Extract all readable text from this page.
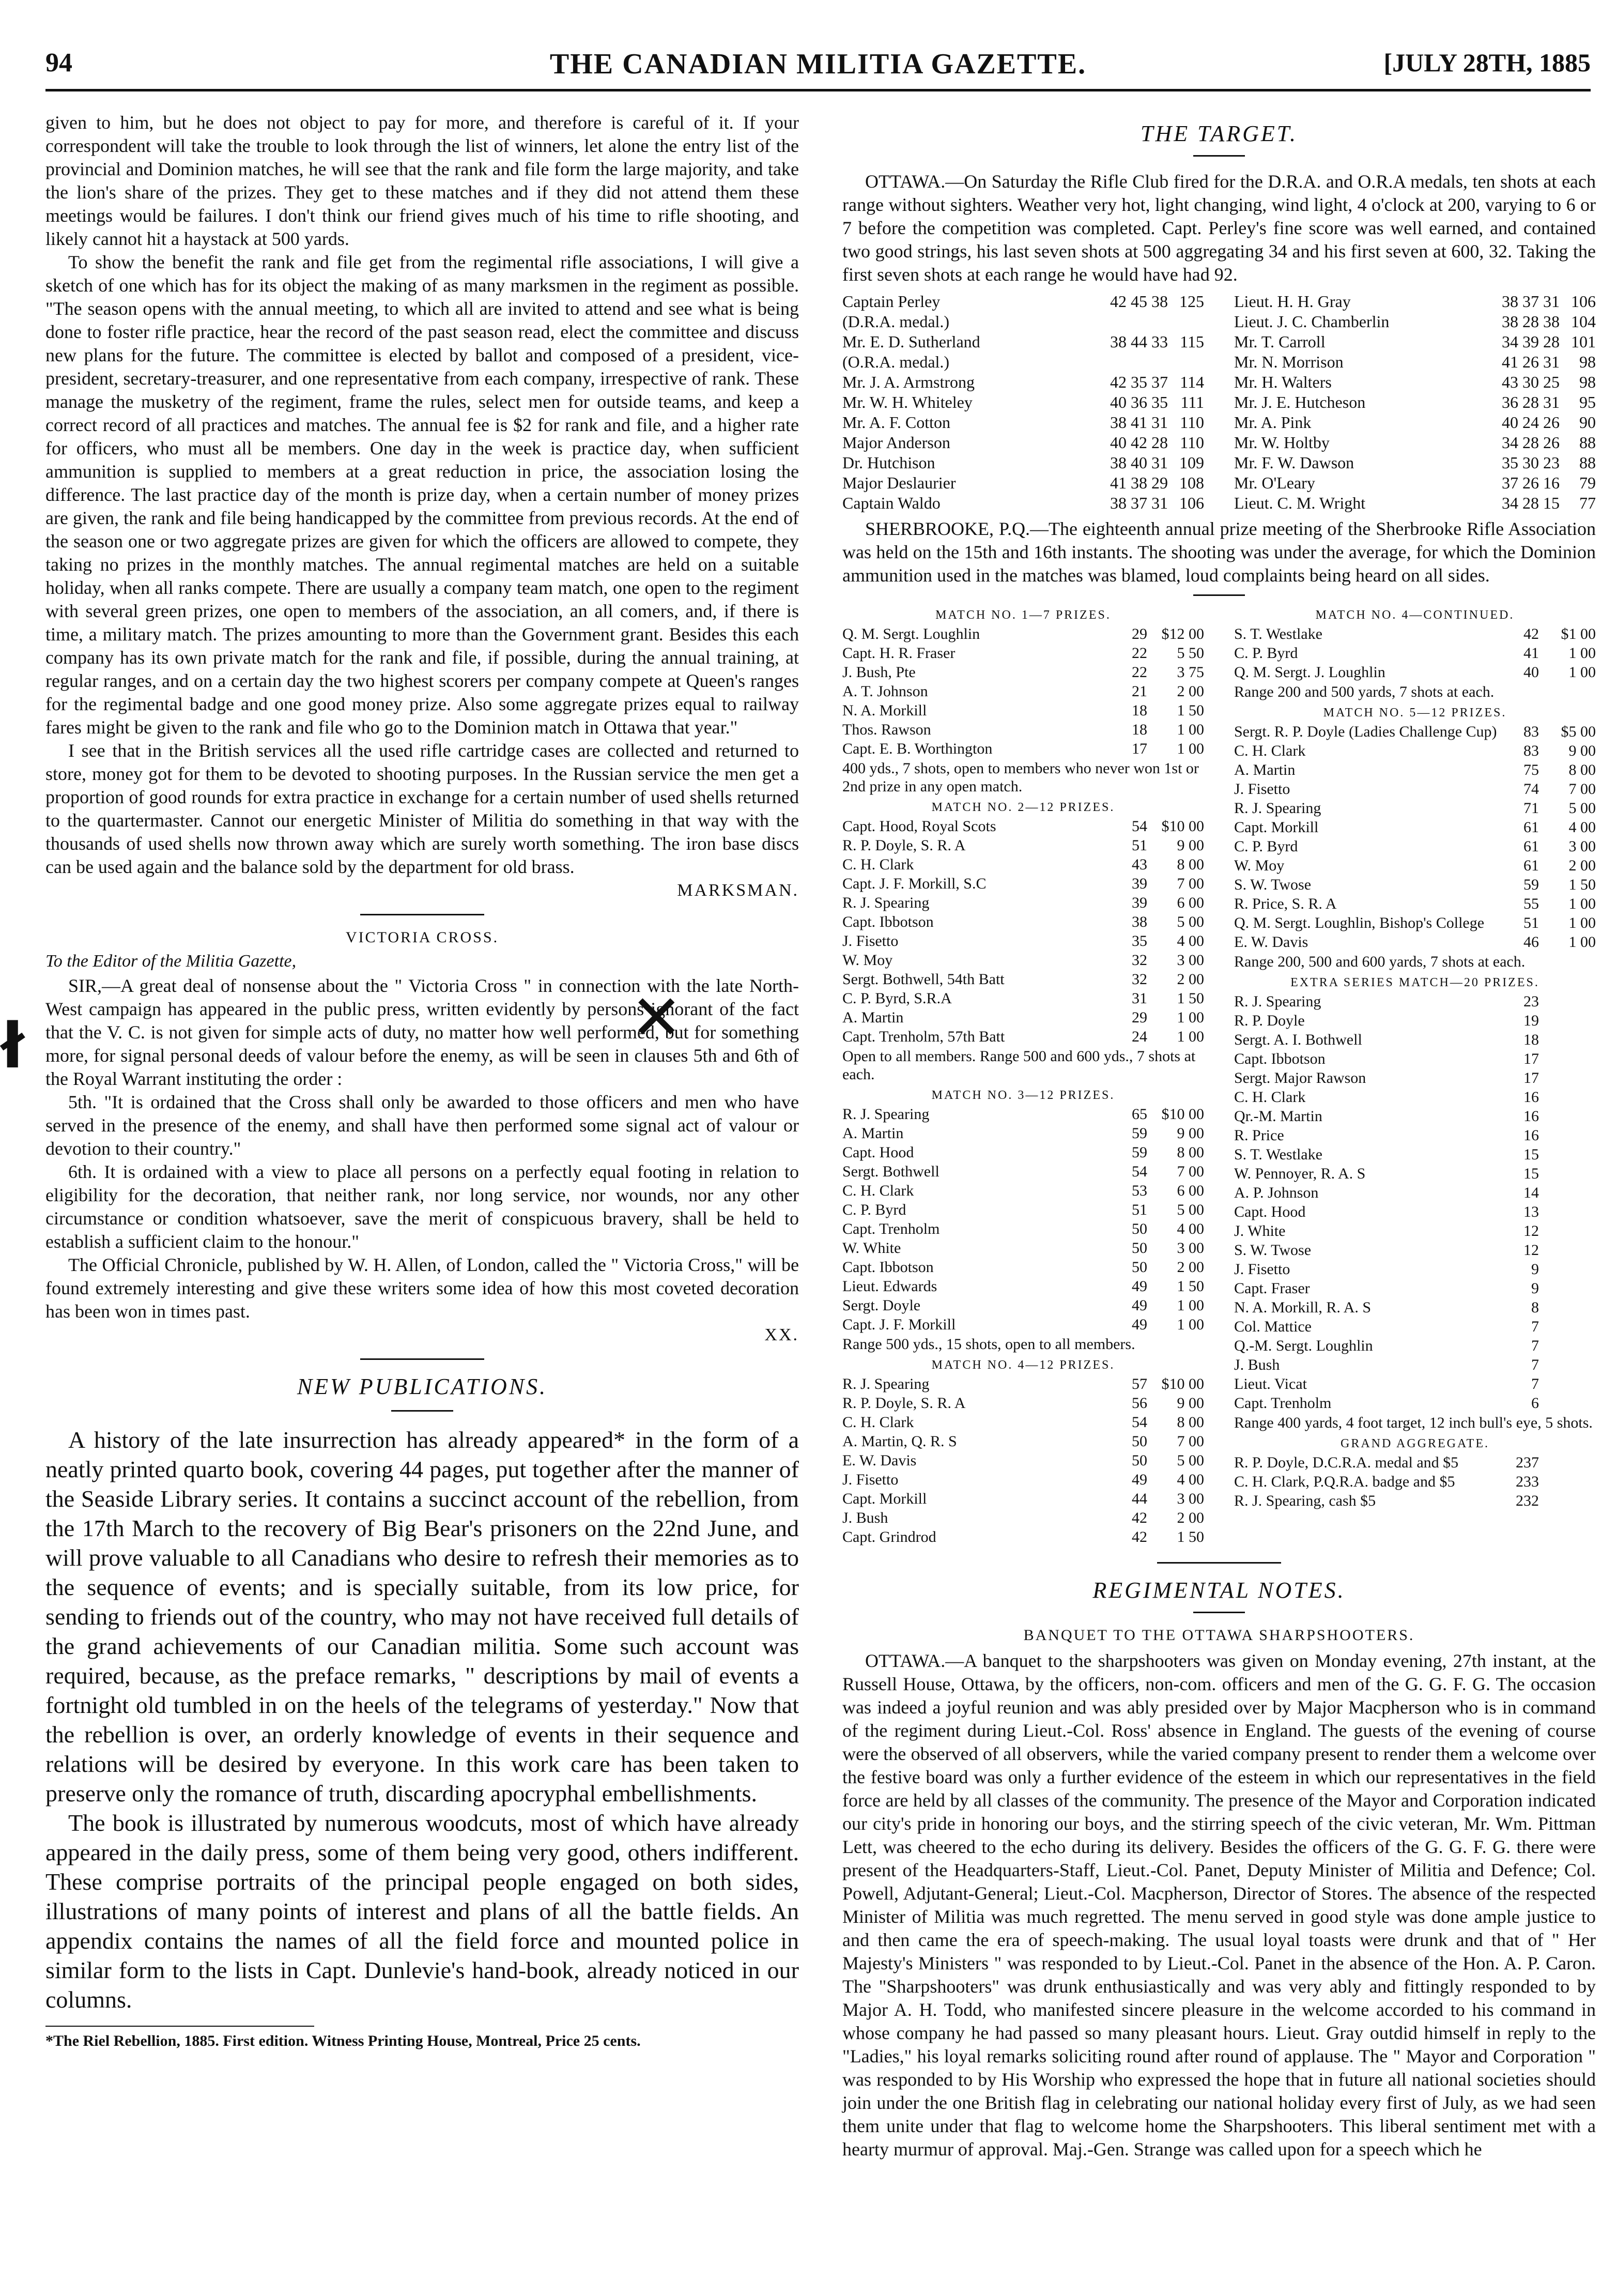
94	THE CANADIAN MILITIA GAZETTE.	[JULY 28TH, 1885
ł	✕

given to him, but he does not object to pay for more, and therefore is careful of it. If your correspondent will take the trouble to look through the list of winners, let alone the entry list of the provincial and Dominion matches, he will see that the rank and file form the large majority, and take the lion's share of the prizes. They get to these matches and if they did not attend them these meetings would be failures. I don't think our friend gives much of his time to rifle shooting, and likely cannot hit a haystack at 500 yards.

To show the benefit the rank and file get from the regimental rifle associations, I will give a sketch of one which has for its object the making of as many marksmen in the regiment as possible. "The season opens with the annual meeting, to which all are invited to attend and see what is being done to foster rifle practice, hear the record of the past season read, elect the committee and discuss new plans for the future. The committee is elected by ballot and composed of a president, vice-president, secretary-treasurer, and one representative from each company, irrespective of rank. These manage the musketry of the regiment, frame the rules, select men for outside teams, and keep a correct record of all practices and matches. The annual fee is $2 for rank and file, and a higher rate for officers, who must all be members. One day in the week is practice day, when sufficient ammunition is supplied to members at a great reduction in price, the association losing the difference. The last practice day of the month is prize day, when a certain number of money prizes are given, the rank and file being handicapped by the committee from previous records. At the end of the season one or two aggregate prizes are given for which the officers are allowed to compete, they taking no prizes in the monthly matches. The annual regimental matches are held on a suitable holiday, when all ranks compete. There are usually a company team match, one open to the regiment with several green prizes, one open to members of the association, an all comers, and, if there is time, a military match. The prizes amounting to more than the Government grant. Besides this each company has its own private match for the rank and file, if possible, during the annual training, at regular ranges, and on a certain day the two highest scorers per company compete at Queen's ranges for the regimental badge and one good money prize. Also some aggregate prizes equal to railway fares might be given to the rank and file who go to the Dominion match in Ottawa that year."

I see that in the British services all the used rifle cartridge cases are collected and returned to store, money got for them to be devoted to shooting purposes. In the Russian service the men get a proportion of good rounds for extra practice in exchange for a certain number of used shells returned to the quartermaster. Cannot our energetic Minister of Militia do something in that way with the thousands of used shells now thrown away which are surely worth something. The iron base discs can be used again and the balance sold by the department for old brass.

MARKSMAN.
VICTORIA CROSS.
To the Editor of the Militia Gazette,

SIR,—A great deal of nonsense about the " Victoria Cross " in connection with the late North-West campaign has appeared in the public press, written evidently by persons ignorant of the fact that the V. C. is not given for simple acts of duty, no matter how well performed, but for something more, for signal personal deeds of valour before the enemy, as will be seen in clauses 5th and 6th of the Royal Warrant instituting the order :

5th. "It is ordained that the Cross shall only be awarded to those officers and men who have served in the presence of the enemy, and shall have then performed some signal act of valour or devotion to their country."

6th. It is ordained with a view to place all persons on a perfectly equal footing in relation to eligibility for the decoration, that neither rank, nor long service, nor wounds, nor any other circumstance or condition whatsoever, save the merit of conspicuous bravery, shall be held to establish a sufficient claim to the honour."

The Official Chronicle, published by W. H. Allen, of London, called the " Victoria Cross," will be found extremely interesting and give these writers some idea of how this most coveted decoration has been won in times past.

XX.
NEW PUBLICATIONS.

A history of the late insurrection has already appeared* in the form of a neatly printed quarto book, covering 44 pages, put together after the manner of the Seaside Library series. It contains a succinct account of the rebellion, from the 17th March to the recovery of Big Bear's prisoners on the 22nd June, and will prove valuable to all Canadians who desire to refresh their memories as to the sequence of events; and is specially suitable, from its low price, for sending to friends out of the country, who may not have received full details of the grand achievements of our Canadian militia. Some such account was required, because, as the preface remarks, " descriptions by mail of events a fortnight old tumbled in on the heels of the telegrams of yesterday." Now that the rebellion is over, an orderly knowledge of events in their sequence and relations will be desired by everyone. In this work care has been taken to preserve only the romance of truth, discarding apocryphal embellishments.

The book is illustrated by numerous woodcuts, most of which have already appeared in the daily press, some of them being very good, others indifferent. These comprise portraits of the principal people engaged on both sides, illustrations of many points of interest and plans of all the battle fields. An appendix contains the names of all the field force and mounted police in similar form to the lists in Capt. Dunlevie's hand-book, already noticed in our columns.

*The Riel Rebellion, 1885. First edition. Witness Printing House, Montreal, Price 25 cents.
THE TARGET.

OTTAWA.—On Saturday the Rifle Club fired for the D.R.A. and O.R.A medals, ten shots at each range without sighters. Weather very hot, light changing, wind light, 4 o'clock at 200, varying to 6 or 7 before the competition was completed. Capt. Perley's fine score was well earned, and contained two good strings, his last seven shots at 500 aggregating 34 and his first seven at 600, 32. Taking the first seven shots at each range he would have had 92.

Captain Perley	42 45 38 125
(D.R.A. medal.)
Mr. E. D. Sutherland	38 44 33 115
(O.R.A. medal.)
Mr. J. A. Armstrong	42 35 37 114
Mr. W. H. Whiteley	40 36 35 111
Mr. A. F. Cotton	38 41 31 110
Major Anderson	40 42 28 110
Dr. Hutchison	38 40 31 109
Major Deslaurier	41 38 29 108
Captain Waldo	38 37 31 106
Lieut. H. H. Gray	38 37 31 106
Lieut. J. C. Chamberlin	38 28 38 104
Mr. T. Carroll	34 39 28 101
Mr. N. Morrison	41 26 31	98
Mr. H. Walters	43 30 25	98
Mr. J. E. Hutcheson	36 28 31	95
Mr. A. Pink	40 24 26	90
Mr. W. Holtby	34 28 26	88
Mr. F. W. Dawson	35 30 23	88
Mr. O'Leary	37 26 16	79
Lieut. C. M. Wright	34 28 15	77

SHERBROOKE, P.Q.—The eighteenth annual prize meeting of the Sherbrooke Rifle Association was held on the 15th and 16th instants. The shooting was under the average, for which the Dominion ammunition used in the matches was blamed, loud complaints being heard on all sides.

MATCH NO. 1—7 PRIZES.
Q. M. Sergt. Loughlin	29 $12 00
Capt. H. R. Fraser	22	5 50
J. Bush, Pte	22	3 75
A. T. Johnson	21	2 00
N. A. Morkill	18	1 50
Thos. Rawson	18	1 00
Capt. E. B. Worthington	17	1 00
400 yds., 7 shots, open to members who never won 1st or 2nd prize in any open match.
MATCH NO. 2—12 PRIZES.
Capt. Hood, Royal Scots	54 $10 00
R. P. Doyle, S. R. A	51	9 00
C. H. Clark	43	8 00
Capt. J. F. Morkill, S.C	39	7 00
R. J. Spearing	39	6 00
Capt. Ibbotson	38	5 00
J. Fisetto	35	4 00
W. Moy	32	3 00
Sergt. Bothwell, 54th Batt	32	2 00
C. P. Byrd, S.R.A	31	1 50
A. Martin	29	1 00
Capt. Trenholm, 57th Batt	24	1 00
Open to all members. Range 500 and 600 yds., 7 shots at each.
MATCH NO. 3—12 PRIZES.
R. J. Spearing	65 $10 00
A. Martin	59	9 00
Capt. Hood	59	8 00
Sergt. Bothwell	54	7 00
C. H. Clark	53	6 00
C. P. Byrd	51	5 00
Capt. Trenholm	50	4 00
W. White	50	3 00
Capt. Ibbotson	50	2 00
Lieut. Edwards	49	1 50
Sergt. Doyle	49	1 00
Capt. J. F. Morkill	49	1 00
Range 500 yds., 15 shots, open to all members.
MATCH NO. 4—12 PRIZES.
R. J. Spearing	57 $10 00
R. P. Doyle, S. R. A	56	9 00
C. H. Clark	54	8 00
A. Martin, Q. R. S	50	7 00
E. W. Davis	50	5 00
J. Fisetto	49	4 00
Capt. Morkill	44	3 00
J. Bush	42	2 00
Capt. Grindrod	42	1 50
MATCH NO. 4—CONTINUED.
S. T. Westlake	42	$1 00
C. P. Byrd	41	1 00
Q. M. Sergt. J. Loughlin	40	1 00
Range 200 and 500 yards, 7 shots at each.
MATCH NO. 5—12 PRIZES.
Sergt. R. P. Doyle (Ladies Challenge Cup)	83	$5 00
C. H. Clark	83	9 00
A. Martin	75	8 00
J. Fisetto	74	7 00
R. J. Spearing	71	5 00
Capt. Morkill	61	4 00
C. P. Byrd	61	3 00
W. Moy	61	2 00
S. W. Twose	59	1 50
R. Price, S. R. A	55	1 00
Q. M. Sergt. Loughlin, Bishop's College	51	1 00
E. W. Davis	46	1 00
Range 200, 500 and 600 yards, 7 shots at each.
EXTRA SERIES MATCH—20 PRIZES.
R. J. Spearing	23
R. P. Doyle	19
Sergt. A. I. Bothwell	18
Capt. Ibbotson	17
Sergt. Major Rawson	17
C. H. Clark	16
Qr.-M. Martin	16
R. Price	16
S. T. Westlake	15
W. Pennoyer, R. A. S	15
A. P. Johnson	14
Capt. Hood	13
J. White	12
S. W. Twose	12
J. Fisetto	9
Capt. Fraser	9
N. A. Morkill, R. A. S	8
Col. Mattice	7
Q.-M. Sergt. Loughlin	7
J. Bush	7
Lieut. Vicat	7
Capt. Trenholm	6
Range 400 yards, 4 foot target, 12 inch bull's eye, 5 shots.
GRAND AGGREGATE.
R. P. Doyle, D.C.R.A. medal and $5	237
C. H. Clark, P.Q.R.A. badge and $5	233
R. J. Spearing, cash $5	232
REGIMENTAL NOTES.
BANQUET TO THE OTTAWA SHARPSHOOTERS.

OTTAWA.—A banquet to the sharpshooters was given on Monday evening, 27th instant, at the Russell House, Ottawa, by the officers, non-com. officers and men of the G. G. F. G. The occasion was indeed a joyful reunion and was ably presided over by Major Macpherson who is in command of the regiment during Lieut.-Col. Ross' absence in England. The guests of the evening of course were the observed of all observers, while the varied company present to render them a welcome over the festive board was only a further evidence of the esteem in which our representatives in the field force are held by all classes of the community. The presence of the Mayor and Corporation indicated our city's pride in honoring our boys, and the stirring speech of the civic veteran, Mr. Wm. Pittman Lett, was cheered to the echo during its delivery. Besides the officers of the G. G. F. G. there were present of the Headquarters-Staff, Lieut.-Col. Panet, Deputy Minister of Militia and Defence; Col. Powell, Adjutant-General; Lieut.-Col. Macpherson, Director of Stores. The absence of the respected Minister of Militia was much regretted. The menu served in good style was done ample justice to and then came the era of speech-making. The usual loyal toasts were drunk and that of " Her Majesty's Ministers " was responded to by Lieut.-Col. Panet in the absence of the Hon. A. P. Caron. The "Sharpshooters" was drunk enthusiastically and was very ably and fittingly responded to by Major A. H. Todd, who manifested sincere pleasure in the welcome accorded to his command in whose company he had passed so many pleasant hours. Lieut. Gray outdid himself in reply to the "Ladies," his loyal remarks soliciting round after round of applause. The " Mayor and Corporation " was responded to by His Worship who expressed the hope that in future all national societies should join under the one British flag in celebrating our national holiday every first of July, as we had seen them unite under that flag to welcome home the Sharpshooters. This liberal sentiment met with a hearty murmur of approval. Maj.-Gen. Strange was called upon for a speech which he
